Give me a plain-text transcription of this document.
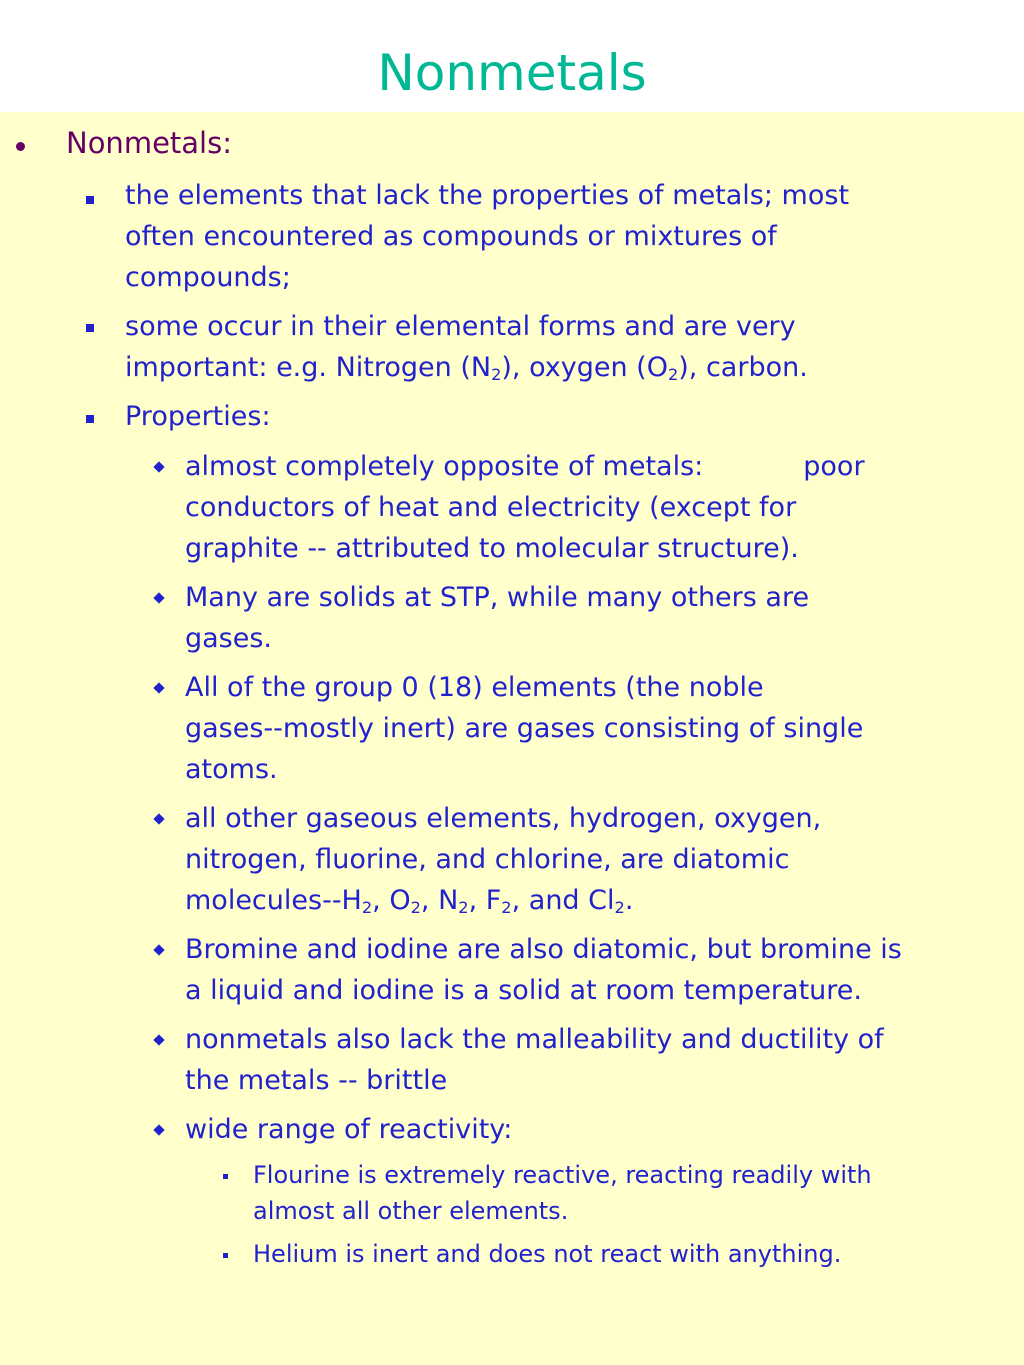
Nonmetals
Nonmetals:
the elements that lack the properties of metals; most
often encountered as compounds or mixtures of
compounds;
some occur in their elemental forms and are very
important: e.g. Nitrogen $(N_2)$, oxygen $(O_2)$, carbon.
Properties:
almost completely opposite of metals:	poor
conductors of heat and electricity (except for
graphite -- attributed to molecular structure).
Many are solids at STP, while many others are
gases.
All of the group 0 (18) elements (the noble
gases--mostly inert) are gases consisting of single
atoms.
all other gaseous elements, hydrogen, oxygen,
nitrogen, fluorine, and chlorine, are diatomic
molecules-$-H_2$, $O_2$, $N_2$, $F_2$, and $Cl_2$.
Bromine and iodine are also diatomic, but bromine is
a liquid and iodine is a solid at room temperature.
nonmetals also lack the malleability and ductility of
the metals -- brittle
wide range of reactivity:
Flourine is extremely reactive, reacting readily with
almost all other elements.
Helium is inert and does not react with anything.
